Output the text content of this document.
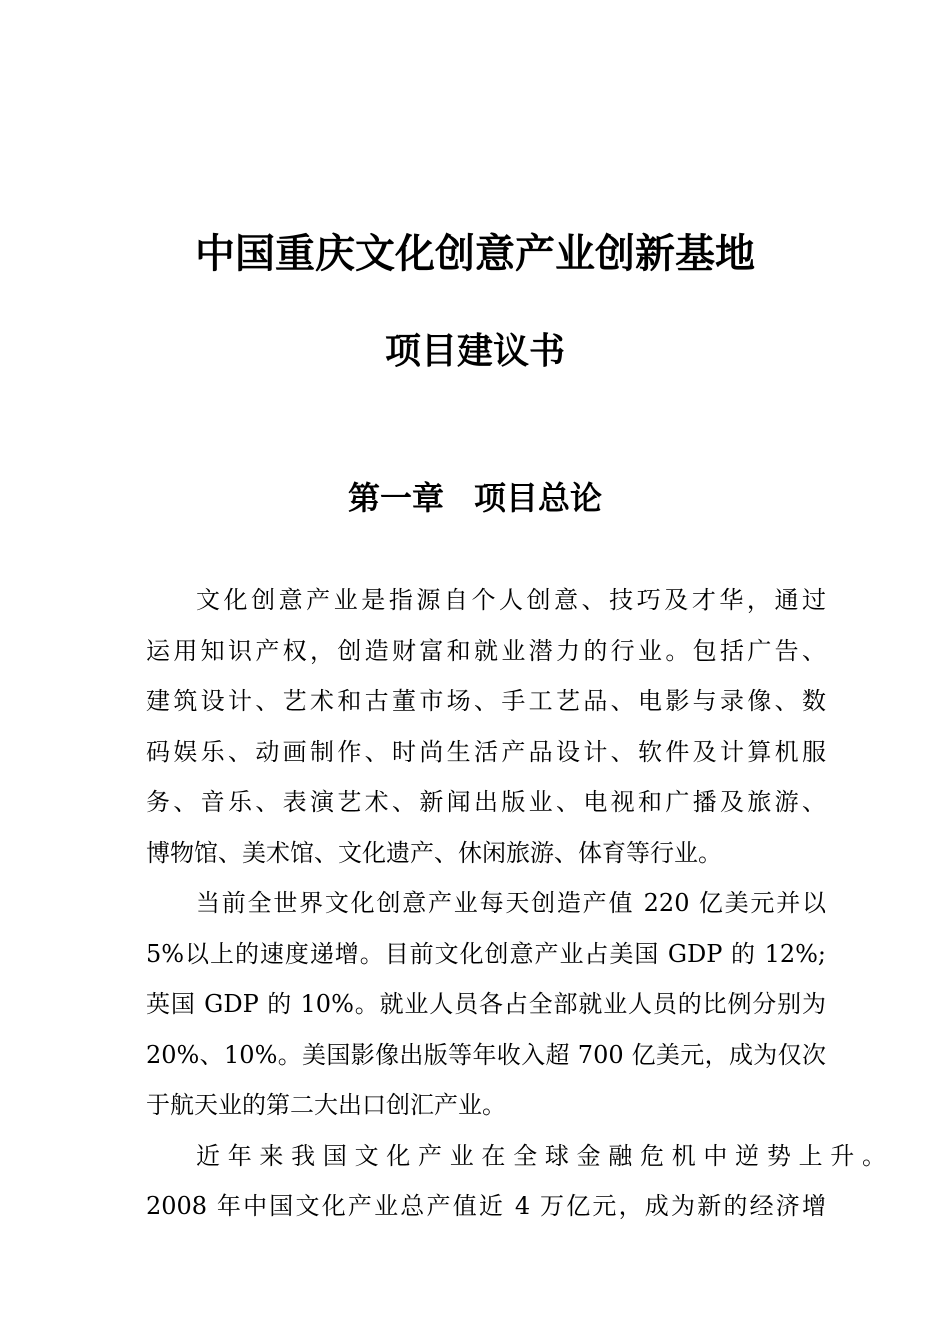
中国重庆文化创意产业创新基地
项目建议书
第一章 项目总论
文化创意产业是指源自个人创意、技巧及才华，通过
运用知识产权，创造财富和就业潜力的行业。包括广告、
建筑设计、艺术和古董市场、手工艺品、电影与录像、数
码娱乐、动画制作、时尚生活产品设计、软件及计算机服
务、音乐、表演艺术、新闻出版业、电视和广播及旅游、
博物馆、美术馆、文化遗产、休闲旅游、体育等行业。
当前全世界文化创意产业每天创造产值 220 亿美元并以
5%以上的速度递增。目前文化创意产业占美国 GDP 的 12%;
英国 GDP 的 10%。就业人员各占全部就业人员的比例分别为
20%、10%。美国影像出版等年收入超 700 亿美元，成为仅次
于航天业的第二大出口创汇产业。
近年来我国文化产业在全球金融危机中逆势上升。
2008 年中国文化产业总产值近 4 万亿元，成为新的经济增
